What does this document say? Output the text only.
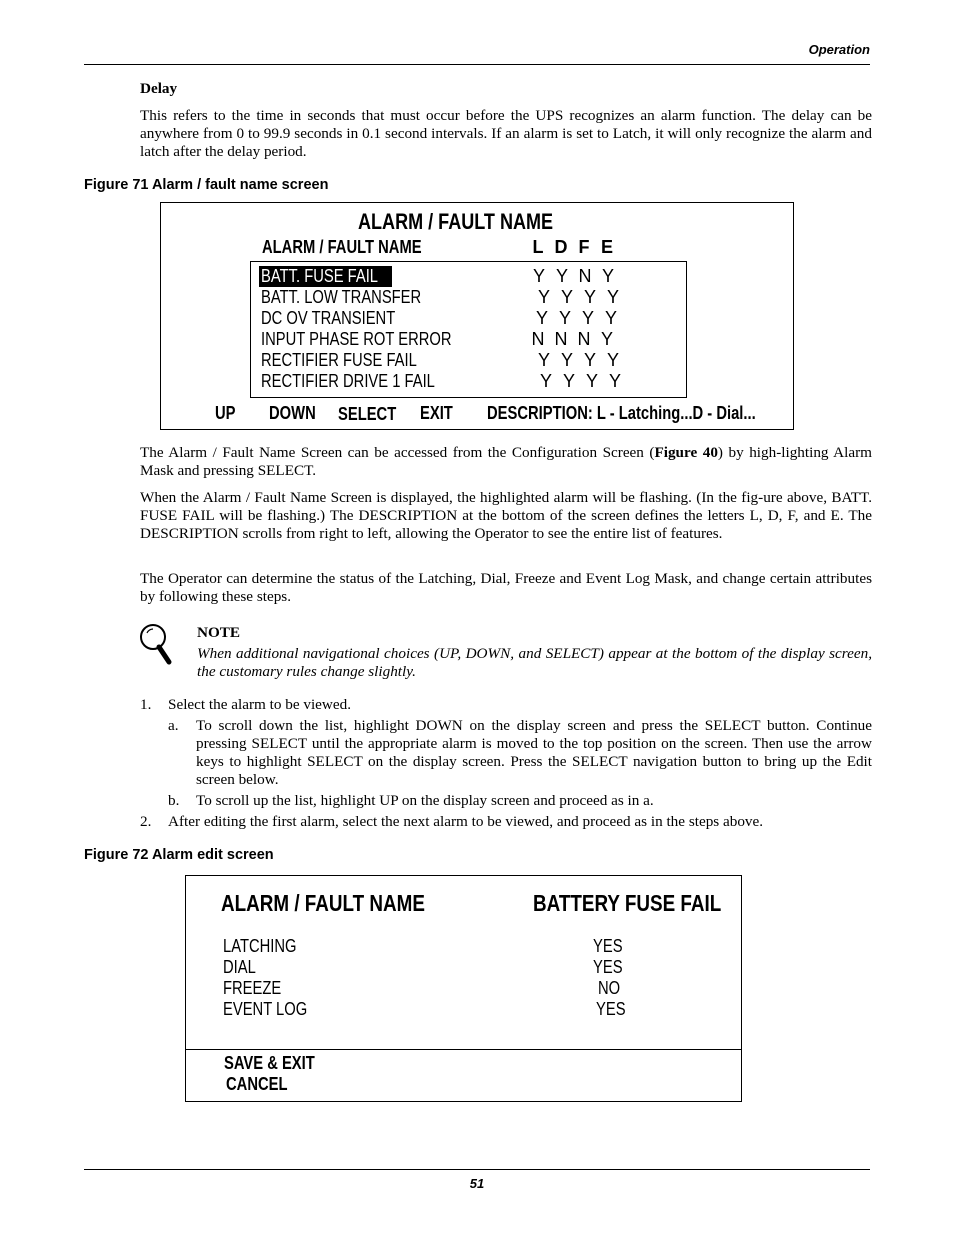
Operation
Delay
This refers to the time in seconds that must occur before the UPS recognizes an alarm function. The delay can be anywhere from 0 to 99.9 seconds in 0.1 second intervals. If an alarm is set to Latch, it will only recognize the alarm and latch after the delay period.
Figure 71 Alarm / fault name screen
ALARM / FAULT NAME
ALARM / FAULT NAME	L D F E
BATT. FUSE FAIL	Y Y N Y
BATT. LOW TRANSFER	Y Y Y Y
DC OV TRANSIENT	Y Y Y Y
INPUT PHASE ROT ERROR	N N N Y
RECTIFIER FUSE FAIL	Y Y Y Y
RECTIFIER DRIVE 1 FAIL	Y Y Y Y
UP DOWN	SELECT	EXIT	DESCRIPTION: L - Latching...D - Dial...
The Alarm / Fault Name Screen can be accessed from the Configuration Screen (Figure 40) by high-lighting Alarm Mask and pressing SELECT.
When the Alarm / Fault Name Screen is displayed, the highlighted alarm will be flashing. (In the fig-ure above, BATT. FUSE FAIL will be flashing.) The DESCRIPTION at the bottom of the screen defines the letters L, D, F, and E. The DESCRIPTION scrolls from right to left, allowing the Operator to see the entire list of features.
The Operator can determine the status of the Latching, Dial, Freeze and Event Log Mask, and change certain attributes by following these steps.
NOTE
When additional navigational choices (UP, DOWN, and SELECT) appear at the bottom of the display screen, the customary rules change slightly.
1. Select the alarm to be viewed.
a. To scroll down the list, highlight DOWN on the display screen and press the SELECT button. Continue pressing SELECT until the appropriate alarm is moved to the top position on the screen. Then use the arrow keys to highlight SELECT on the display screen. Press the SELECT navigation button to bring up the Edit screen below.
b. To scroll up the list, highlight UP on the display screen and proceed as in a.
2. After editing the first alarm, select the next alarm to be viewed, and proceed as in the steps above.
Figure 72 Alarm edit screen
ALARM / FAULT NAME	BATTERY FUSE FAIL
LATCHING	YES
DIAL	YES
FREEZE	NO
EVENT LOG	YES
SAVE & EXIT
CANCEL
51
